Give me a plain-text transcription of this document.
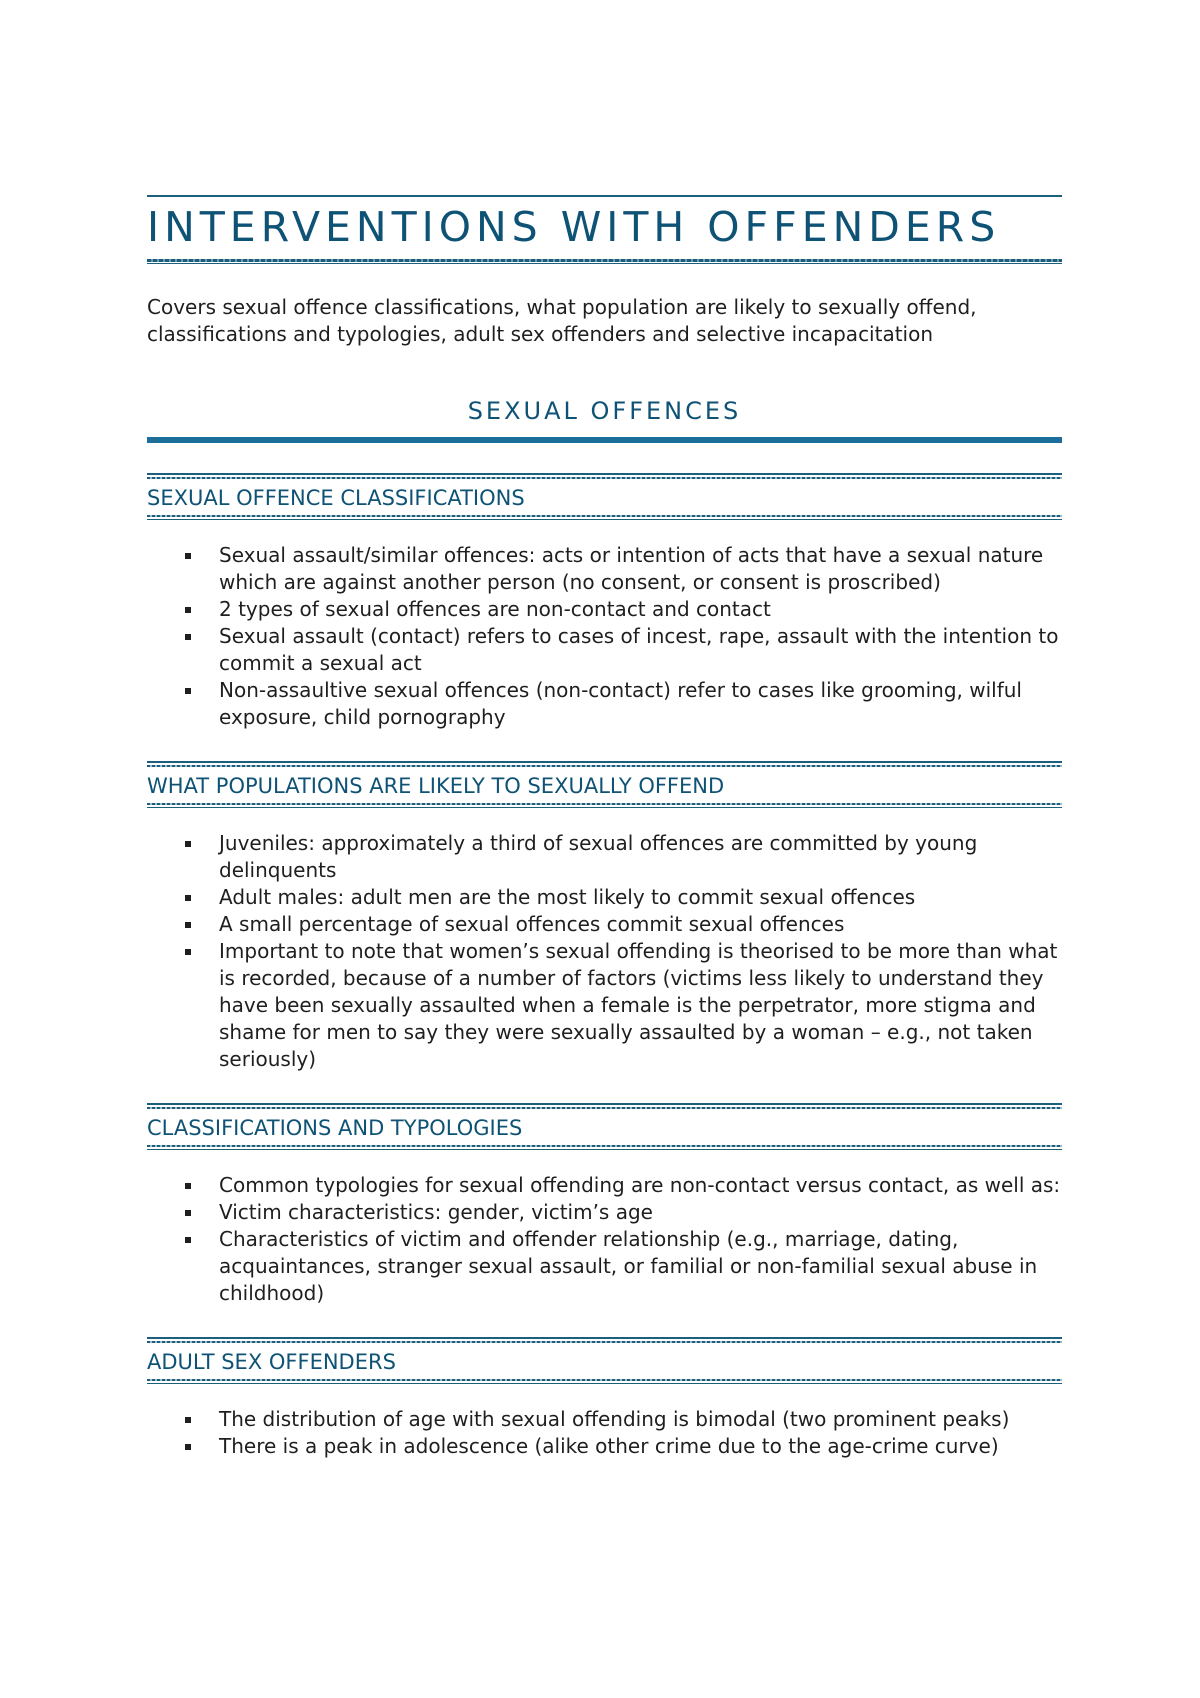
INTERVENTIONS WITH OFFENDERS

Covers sexual offence classifications, what population are likely to sexually offend, classifications and typologies, adult sex offenders and selective incapacitation

SEXUAL OFFENCES
SEXUAL OFFENCE CLASSIFICATIONS
Sexual assault/similar offences: acts or intention of acts that have a sexual nature which are against another person (no consent, or consent is proscribed)
2 types of sexual offences are non-contact and contact
Sexual assault (contact) refers to cases of incest, rape, assault with the intention to commit a sexual act
Non-assaultive sexual offences (non-contact) refer to cases like grooming, wilful exposure, child pornography
WHAT POPULATIONS ARE LIKELY TO SEXUALLY OFFEND
Juveniles: approximately a third of sexual offences are committed by young delinquents
Adult males: adult men are the most likely to commit sexual offences
A small percentage of sexual offences commit sexual offences
Important to note that women’s sexual offending is theorised to be more than what is recorded, because of a number of factors (victims less likely to understand they have been sexually assaulted when a female is the perpetrator, more stigma and shame for men to say they were sexually assaulted by a woman – e.g., not taken seriously)
CLASSIFICATIONS AND TYPOLOGIES
Common typologies for sexual offending are non-contact versus contact, as well as:
Victim characteristics: gender, victim’s age
Characteristics of victim and offender relationship (e.g., marriage, dating, acquaintances, stranger sexual assault, or familial or non-familial sexual abuse in childhood)
ADULT SEX OFFENDERS
The distribution of age with sexual offending is bimodal (two prominent peaks)
There is a peak in adolescence (alike other crime due to the age-crime curve)
